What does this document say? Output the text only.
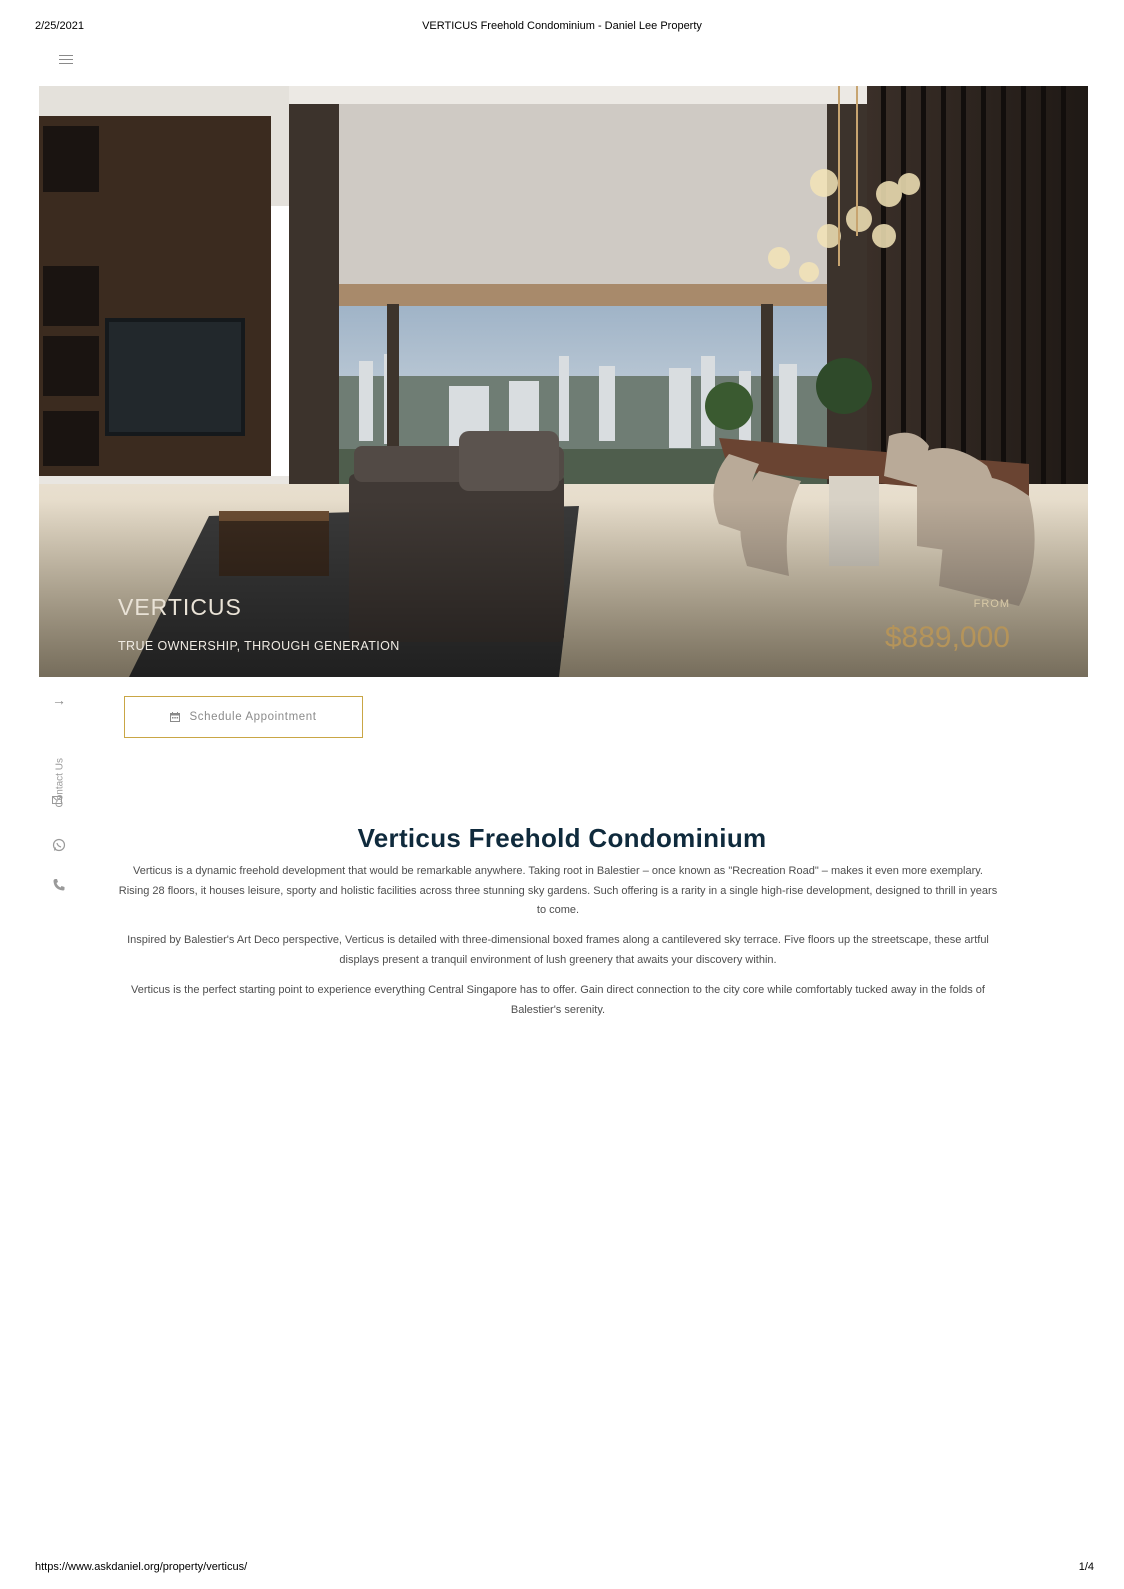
2/25/2021	VERTICUS Freehold Condominium - Daniel Lee Property
VERTICUS
TRUE OWNERSHIP, THROUGH GENERATION
FROM
$889,000
→
Contact Us
Schedule Appointment
Verticus Freehold Condominium

Verticus is a dynamic freehold development that would be remarkable anywhere. Taking root in Balestier – once known as "Recreation Road" – makes it even more exemplary. Rising 28 floors, it houses leisure, sporty and holistic facilities across three stunning sky gardens. Such offering is a rarity in a single high-rise development, designed to thrill in years to come.

Inspired by Balestier's Art Deco perspective, Verticus is detailed with three-dimensional boxed frames along a cantilevered sky terrace. Five floors up the streetscape, these artful displays present a tranquil environment of lush greenery that awaits your discovery within.

Verticus is the perfect starting point to experience everything Central Singapore has to offer. Gain direct connection to the city core while comfortably tucked away in the folds of Balestier's serenity.

https://www.askdaniel.org/property/verticus/	1/4
